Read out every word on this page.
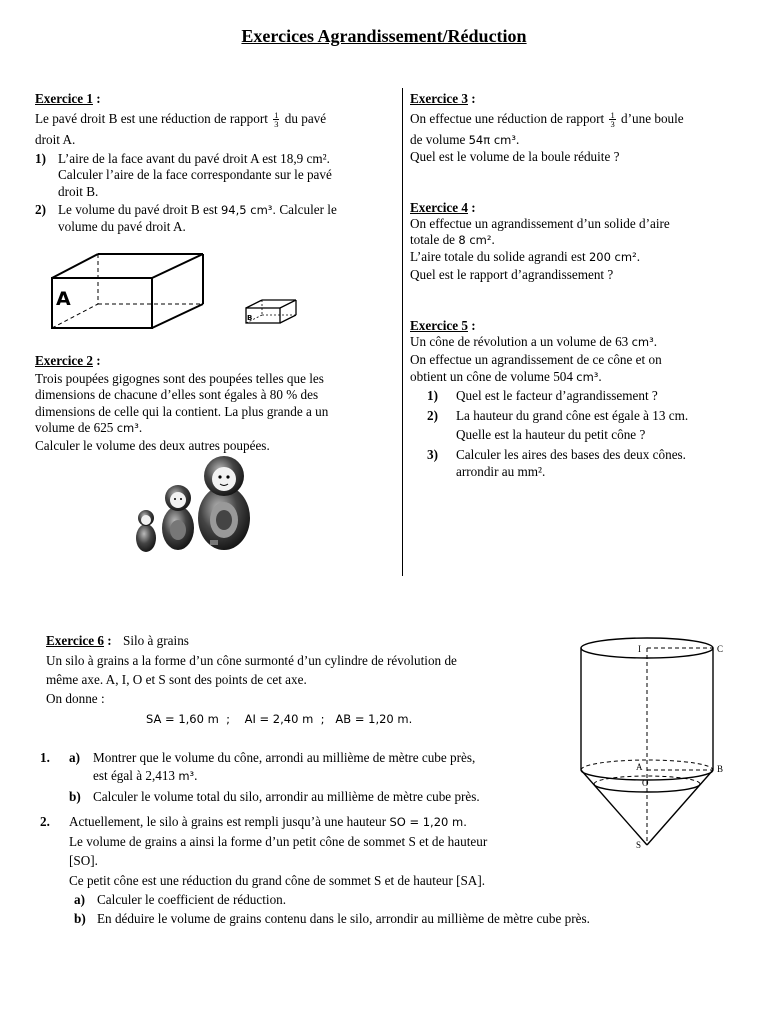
Exercices Agrandissement/Réduction
Exercice 1 :
Le pavé droit B est une réduction de rapport $\frac{1}{3}$ du pavé
droit A.
1) L’aire de la face avant du pavé droit A est 18,9 cm².
Calculer l’aire de la face correspondante sur le pavé
droit B.
2) Le volume du pavé droit B est 94,5 cm³. Calculer le
volume du pavé droit A.
A
B
Exercice 2 :
Trois poupées gigognes sont des poupées telles que les
dimensions de chacune d’elles sont égales à 80 % des
dimensions de celle qui la contient. La plus grande a un
volume de 625 cm³.
Calculer le volume des deux autres poupées.
Exercice 3 :
On effectue une réduction de rapport $\frac{1}{3}$ d’une boule
de volume 54π cm³.
Quel est le volume de la boule réduite ?
Exercice 4 :
On effectue un agrandissement d’un solide d’aire
totale de 8 cm².
L’aire totale du solide agrandi est 200 cm².
Quel est le rapport d’agrandissement ?
Exercice 5 :
Un cône de révolution a un volume de 63 cm³.
On effectue un agrandissement de ce cône et on
obtient un cône de volume 504 cm³.
1) Quel est le facteur d’agrandissement ?
2) La hauteur du grand cône est égale à 13 cm.
Quelle est la hauteur du petit cône ?
3) Calculer les aires des bases des deux cônes.
arrondir au mm².
Exercice 6 : Silo à grains
Un silo à grains a la forme d’un cône surmonté d’un cylindre de révolution de
même axe. A, I, O et S sont des points de cet axe.
On donne :
SA = 1,60 m  ;    AI = 2,40 m  ;   AB = 1,20 m.
1. a) Montrer que le volume du cône, arrondi au millième de mètre cube près,
est égal à 2,413 m³.
b) Calculer le volume total du silo, arrondir au millième de mètre cube près.
2. Actuellement, le silo à grains est rempli jusqu’à une hauteur SO = 1,20 m.
Le volume de grains a ainsi la forme d’un petit cône de sommet S et de hauteur
[SO].
Ce petit cône est une réduction du grand cône de sommet S et de hauteur [SA].
a) Calculer le coefficient de réduction.
b) En déduire le volume de grains contenu dans le silo, arrondir au millième de mètre cube près.
I	C
A	B
O
S
